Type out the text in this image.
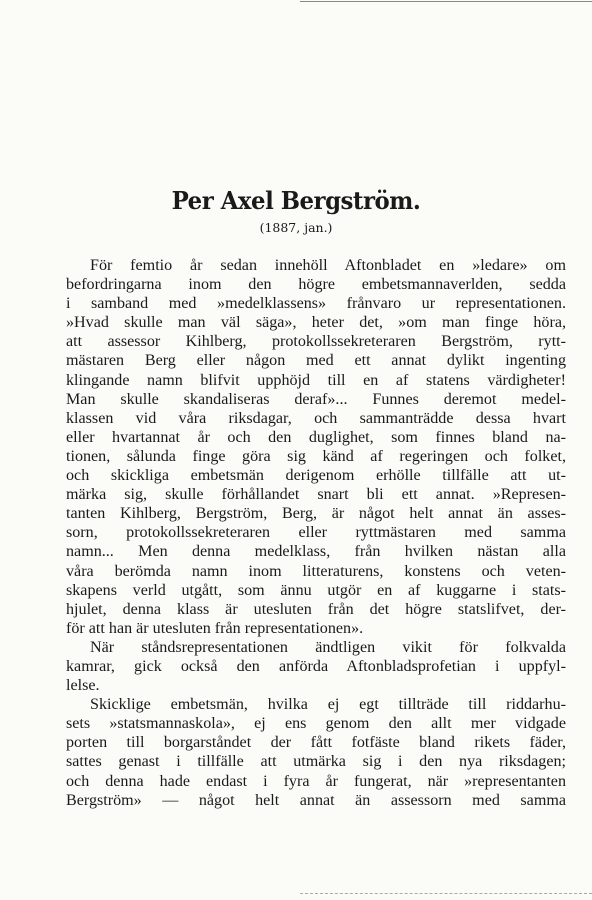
Per Axel Bergström.
(1887, jan.)
För femtio år sedan innehöll Aftonbladet en »ledare» om
befordringarna inom den högre embetsmannaverlden, sedda
i samband med »medelklassens» frånvaro ur representationen.
»Hvad skulle man väl säga», heter det, »om man finge höra,
att assessor Kihlberg, protokollssekreteraren Bergström, rytt-
mästaren Berg eller någon med ett annat dylikt ingenting
klingande namn blifvit upphöjd till en af statens värdigheter!
Man skulle skandaliseras deraf»... Funnes deremot medel-
klassen vid våra riksdagar, och sammanträdde dessa hvart
eller hvartannat år och den duglighet, som finnes bland na-
tionen, sålunda finge göra sig känd af regeringen och folket,
och skickliga embetsmän derigenom erhölle tillfälle att ut-
märka sig, skulle förhållandet snart bli ett annat. »Represen-
tanten Kihlberg, Bergström, Berg, är något helt annat än asses-
sorn, protokollssekreteraren eller ryttmästaren med samma
namn... Men denna medelklass, från hvilken nästan alla
våra berömda namn inom litteraturens, konstens och veten-
skapens verld utgått, som ännu utgör en af kuggarne i stats-
hjulet, denna klass är utesluten från det högre statslifvet, der-
för att han är utesluten från representationen».
När ståndsrepresentationen ändtligen vikit för folkvalda
kamrar, gick också den anförda Aftonbladsprofetian i uppfyl-
lelse.
Skicklige embetsmän, hvilka ej egt tillträde till riddarhu-
sets »statsmannaskola», ej ens genom den allt mer vidgade
porten till borgarståndet der fått fotfäste bland rikets fäder,
sattes genast i tillfälle att utmärka sig i den nya riksdagen;
och denna hade endast i fyra år fungerat, när »representanten
Bergström» — något helt annat än assessorn med samma
